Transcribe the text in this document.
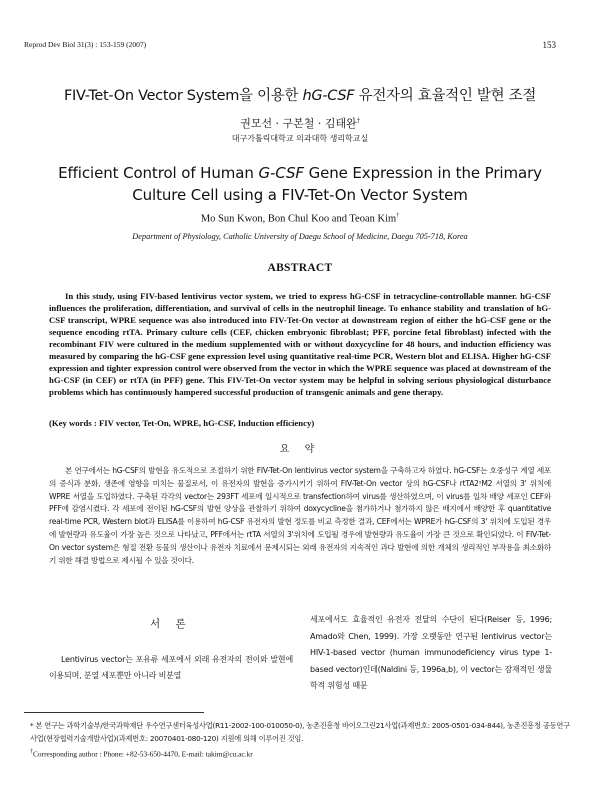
Reprod Dev Biol 31(3) : 153-159 (2007)	153
FIV-Tet-On Vector System을 이용한 hG-CSF 유전자의 효율적인 발현 조절
권모선 · 구본철 · 김태완†
대구가톨릭대학교 의과대학 생리학교실
Efficient Control of Human G-CSF Gene Expression in the Primary
Culture Cell using a FIV-Tet-On Vector System
Mo Sun Kwon, Bon Chul Koo and Teoan Kim†
Department of Physiology, Catholic University of Daegu School of Medicine, Daegu 705-718, Korea
ABSTRACT
In this study, using FIV-based lentivirus vector system, we tried to express hG-CSF in tetracycline-controllable manner. hG-CSF influences the proliferation, differentiation, and survival of cells in the neutrophil lineage. To enhance stability and translation of hG-CSF transcript, WPRE sequence was also introduced into FIV-Tet-On vector at downstream region of either the hG-CSF gene or the sequence encoding rtTA. Primary culture cells (CEF, chicken embryonic fibroblast; PFF, porcine fetal fibroblast) infected with the recombinant FIV were cultured in the medium supplemented with or without doxycycline for 48 hours, and induction efficiency was measured by comparing the hG-CSF gene expression level using quantitative real-time PCR, Western blot and ELISA. Higher hG-CSF expression and tighter expression control were observed from the vector in which the WPRE sequence was placed at downstream of the hG-CSF (in CEF) or rtTA (in PFF) gene. This FIV-Tet-On vector system may be helpful in solving serious physiological disturbance problems which has continuously hampered successful production of transgenic animals and gene therapy.
(Key words : FIV vector, Tet-On, WPRE, hG-CSF, Induction efficiency)
요 약
본 연구에서는 hG-CSF의 발현을 유도적으로 조절하기 위한 FIV-Tet-On lentivirus vector system을 구축하고자 하였다. hG-CSF는 호중성구 계열 세포의 증식과 분화, 생존에 영향을 미치는 물질로서, 이 유전자의 발현을 증가시키기 위하여 FIV-Tet-On vector 상의 hG-CSF나 rtTA2ˢM2 서열의 3' 위치에 WPRE 서열을 도입하였다. 구축된 각각의 vector는 293FT 세포에 일시적으로 transfection하여 virus를 생산하였으며, 이 virus를 일차 배양 세포인 CEF와 PFF에 감염시켰다. 각 세포에 전이된 hG-CSF의 발현 양상을 관찰하기 위하여 doxycycline을 첨가하거나 첨가하지 않은 배지에서 배양한 후 quantitative real-time PCR, Western blot과 ELISA를 이용하여 hG-CSF 유전자의 발현 정도를 비교 측정한 결과, CEF에서는 WPRE가 hG-CSF의 3' 위치에 도입된 경우에 발현량과 유도율이 가장 높은 것으로 나타났고, PFF에서는 rtTA 서열의 3'위치에 도입될 경우에 발현량과 유도율이 가장 큰 것으로 확인되었다. 이 FIV-Tet-On vector system은 형질 전환 동물의 생산이나 유전자 치료에서 문제시되는 외래 유전자의 지속적인 과다 발현에 의한 개체의 생리적인 부작용을 최소화하기 위한 해결 방법으로 제시될 수 있을 것이다.
서 론
Lentivirus vector는 포유류 세포에서 외래 유전자의 전이와 발현에 이용되며, 분열 세포뿐만 아니라 비분열
세포에서도 효율적인 유전자 전달의 수단이 된다(Reiser 등, 1996; Amado와 Chen, 1999). 가장 오랫동안 연구된 lentivirus vector는 HIV-1-based vector (human immunodeficiency virus type 1-based vector)인데(Naldini 등, 1996a,b), 이 vector는 잠재적인 생물학적 위험성 때문
* 본 연구는 과학기술부/한국과학재단 우수연구센터육성사업(R11-2002-100-010050-0), 농촌진흥청 바이오그린21사업(과제번호: 2005-0501-034-844), 농촌진흥청 공동연구사업(현장협력기술개발사업)(과제번호: 20070401-080-120) 지원에 의해 이루어진 것임.
†Corresponding author : Phone: +82-53-650-4470, E-mail: takim@cu.ac.kr
